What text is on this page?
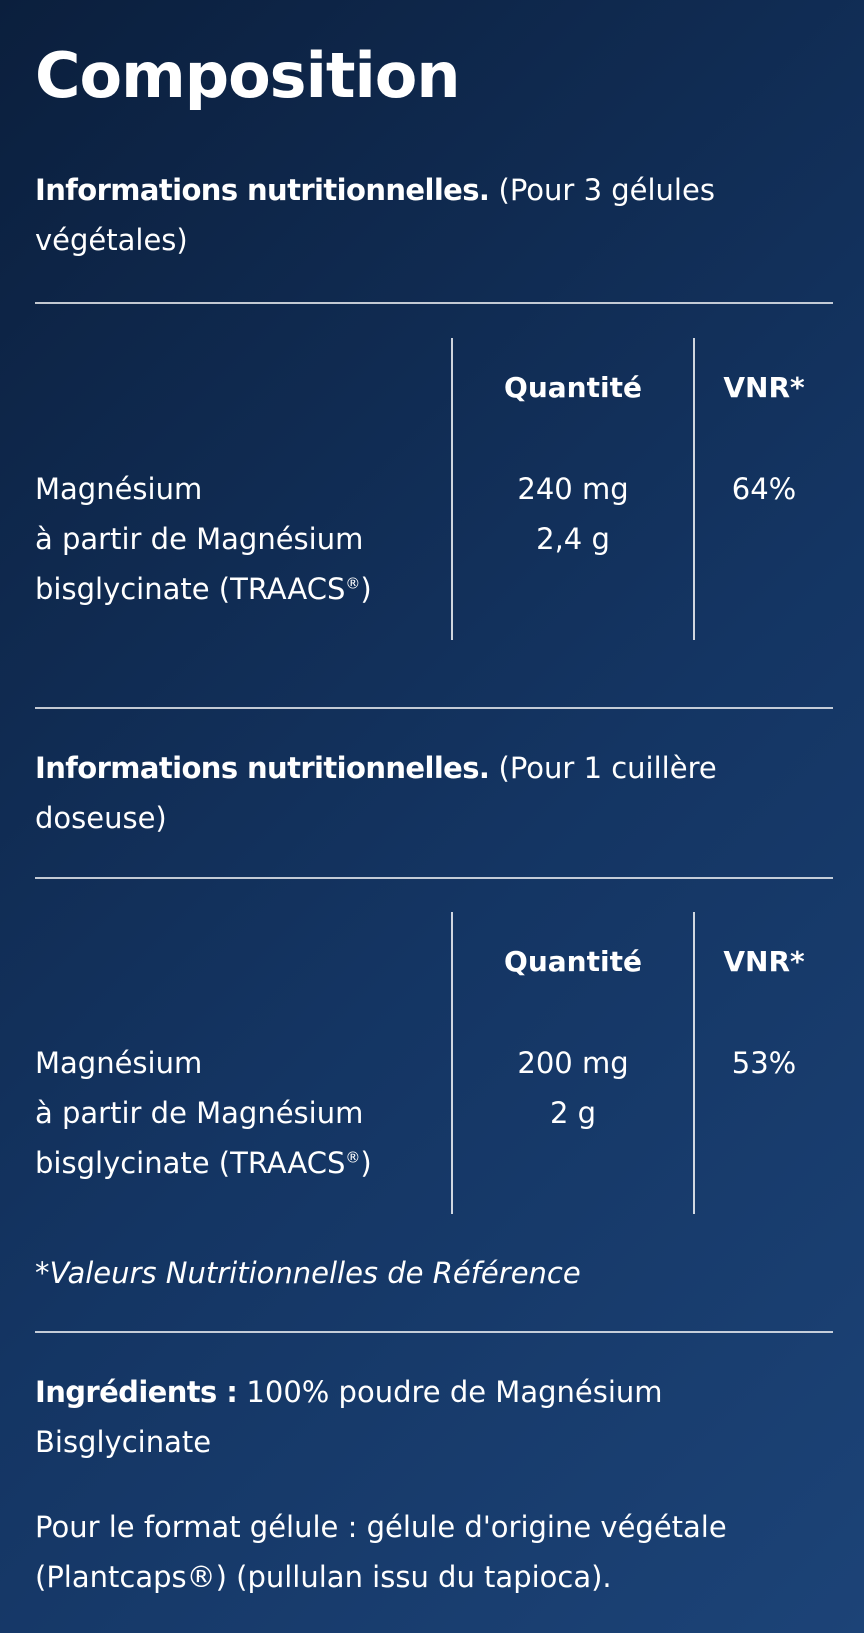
Composition

Informations nutritionnelles. (Pour 3 gélules végétales)

Quantité	VNR*
Magnésium
à partir de Magnésium
bisglycinate (TRAACS®)
240 mg
2,4 g
64%

Informations nutritionnelles. (Pour 1 cuillère doseuse)

Quantité	VNR*
Magnésium
à partir de Magnésium
bisglycinate (TRAACS®)
200 mg
2 g
53%

*Valeurs Nutritionnelles de Référence

Ingrédients : 100% poudre de Magnésium Bisglycinate

Pour le format gélule : gélule d'origine végétale (Plantcaps®) (pullulan issu du tapioca).
